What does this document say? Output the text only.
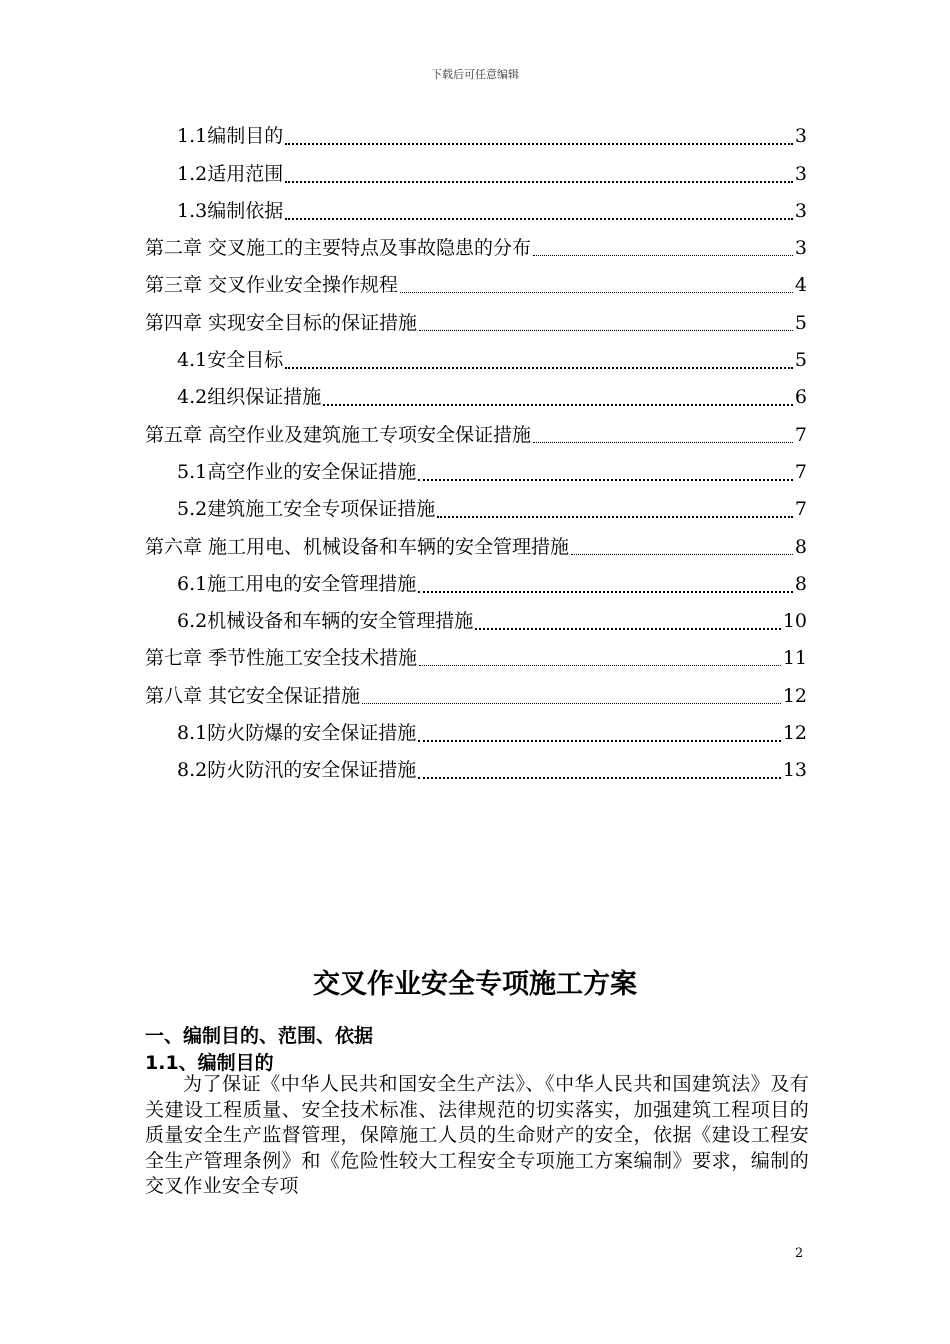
下载后可任意编辑
1.1编制目的	3
1.2适用范围	3
1.3编制依据	3
第二章 交叉施工的主要特点及事故隐患的分布	3
第三章 交叉作业安全操作规程	4
第四章 实现安全目标的保证措施	5
4.1安全目标	5
4.2组织保证措施	6
第五章 高空作业及建筑施工专项安全保证措施	7
5.1高空作业的安全保证措施	7
5.2建筑施工安全专项保证措施	7
第六章 施工用电、机械设备和车辆的安全管理措施	8
6.1施工用电的安全管理措施	8
6.2机械设备和车辆的安全管理措施	10
第七章 季节性施工安全技术措施	11
第八章 其它安全保证措施	12
8.1防火防爆的安全保证措施	12
8.2防火防汛的安全保证措施	13
交叉作业安全专项施工方案
一、编制目的、范围、依据
1.1、编制目的
为了保证《中华人民共和国安全生产法》、《中华人民共和国建筑法》及有关建设工程质量、安全技术标准、法律规范的切实落实，加强建筑工程项目的质量安全生产监督管理，保障施工人员的生命财产的安全，依据《建设工程安全生产管理条例》和《危险性较大工程安全专项施工方案编制》要求，编制的交叉作业安全专项
2
